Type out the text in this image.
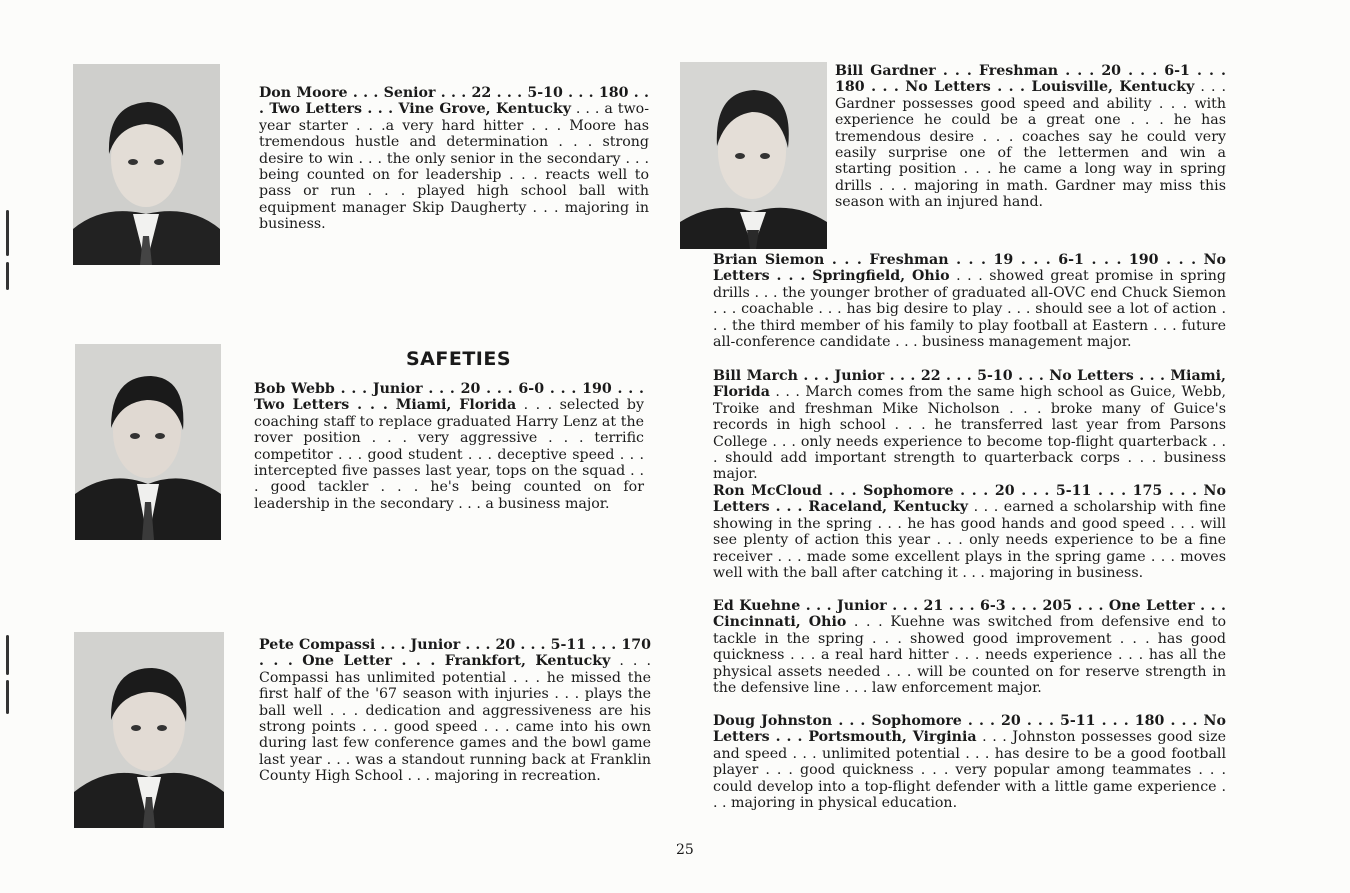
Don Moore . . . Senior . . . 22 . . . 5-10 . . . 180 . . . Two Letters . . . Vine Grove, Kentucky . . . a two-year starter . . .a very hard hitter . . . Moore has tremendous hustle and determination . . . strong desire to win . . . the only senior in the secondary . . . being counted on for leadership . . . reacts well to pass or run . . . played high school ball with equipment manager Skip Daugherty . . . majoring in business.

SAFETIES

Bob Webb . . . Junior . . . 20 . . . 6-0 . . . 190 . . . Two Letters . . . Miami, Florida . . . selected by coaching staff to replace graduated Harry Lenz at the rover position . . . very aggressive . . . terrific competitor . . . good student . . . deceptive speed . . . intercepted five passes last year, tops on the squad . . . good tackler . . . he's being counted on for leadership in the secondary . . . a business major.

Pete Compassi . . . Junior . . . 20 . . . 5-11 . . . 170 . . . One Letter . . . Frankfort, Kentucky . . . Compassi has unlimited potential . . . he missed the first half of the '67 season with injuries . . . plays the ball well . . . dedication and aggressiveness are his strong points . . . good speed . . . came into his own during last few conference games and the bowl game last year . . . was a standout running back at Franklin County High School . . . majoring in recreation.

Bill Gardner . . . Freshman . . . 20 . . . 6-1 . . . 180 . . . No Letters . . . Louisville, Kentucky . . . Gardner possesses good speed and ability . . . with experience he could be a great one . . . he has tremendous desire . . . coaches say he could very easily surprise one of the lettermen and win a starting position . . . he came a long way in spring drills . . . majoring in math. Gardner may miss this season with an injured hand.

Brian Siemon . . . Freshman . . . 19 . . . 6-1 . . . 190 . . . No Letters . . . Springfield, Ohio . . . showed great promise in spring drills . . . the younger brother of graduated all-OVC end Chuck Siemon . . . coachable . . . has big desire to play . . . should see a lot of action . . . the third member of his family to play football at Eastern . . . future all-conference candidate . . . business management major.

Bill March . . . Junior . . . 22 . . . 5-10 . . . No Letters . . . Miami, Florida . . . March comes from the same high school as Guice, Webb, Troike and freshman Mike Nicholson . . . broke many of Guice's records in high school . . . he transferred last year from Parsons College . . . only needs experience to become top-flight quarterback . . . should add important strength to quarterback corps . . . business major.

Ron McCloud . . . Sophomore . . . 20 . . . 5-11 . . . 175 . . . No Letters . . . Raceland, Kentucky . . . earned a scholarship with fine showing in the spring . . . he has good hands and good speed . . . will see plenty of action this year . . . only needs experience to be a fine receiver . . . made some excellent plays in the spring game . . . moves well with the ball after catching it . . . majoring in business.

Ed Kuehne . . . Junior . . . 21 . . . 6-3 . . . 205 . . . One Letter . . . Cincinnati, Ohio . . . Kuehne was switched from defensive end to tackle in the spring . . . showed good improvement . . . has good quickness . . . a real hard hitter . . . needs experience . . . has all the physical assets needed . . . will be counted on for reserve strength in the defensive line . . . law enforcement major.

Doug Johnston . . . Sophomore . . . 20 . . . 5-11 . . . 180 . . . No Letters . . . Portsmouth, Virginia . . . Johnston possesses good size and speed . . . unlimited potential . . . has desire to be a good football player . . . good quickness . . . very popular among teammates . . . could develop into a top-flight defender with a little game experience . . . majoring in physical education.

25
